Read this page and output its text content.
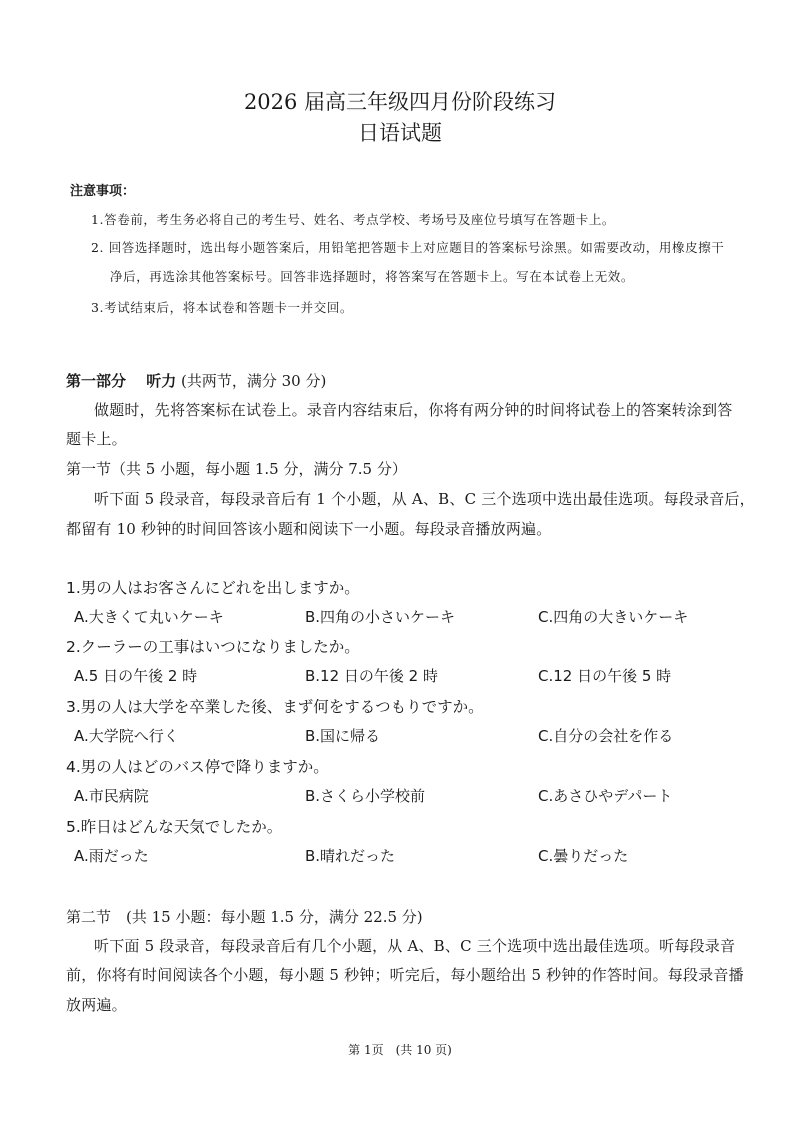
2026 届高三年级四月份阶段练习
日语试题
注意事项：
1.答卷前，考生务必将自己的考生号、姓名、考点学校、考场号及座位号填写在答题卡上。
2. 回答选择题时，选出每小题答案后，用铅笔把答题卡上对应题目的答案标号涂黑。如需要改动，用橡皮擦干
净后，再选涂其他答案标号。回答非选择题时，将答案写在答题卡上。写在本试卷上无效。
3.考试结束后，将本试卷和答题卡一并交回。
第一部分　 听力 (共两节，满分 30 分)
做题时，先将答案标在试卷上。录音内容结束后，你将有两分钟的时间将试卷上的答案转涂到答
题卡上。
第一节（共 5 小题，每小题 1.5 分，满分 7.5 分）
听下面 5 段录音，每段录音后有 1 个小题，从 A、B、C 三个选项中选出最佳选项。每段录音后，
都留有 10 秒钟的时间回答该小题和阅读下一小题。每段录音播放两遍。
1.男の人はお客さんにどれを出しますか。
A.大きくて丸いケーキ	B.四角の小さいケーキ	C.四角の大きいケーキ
2.クーラーの工事はいつになりましたか。
A.5 日の午後 2 時	B.12 日の午後 2 時	C.12 日の午後 5 時
3.男の人は大学を卒業した後、まず何をするつもりですか。
A.大学院へ行く	B.国に帰る	C.自分の会社を作る
4.男の人はどのバス停で降りますか。
A.市民病院	B.さくら小学校前	C.あさひやデパート
5.昨日はどんな天気でしたか。
A.雨だった	B.晴れだった	C.曇りだった
第二节　(共 15 小题：每小题 1.5 分，满分 22.5 分)
听下面 5 段录音，每段录音后有几个小题，从 A、B、C 三个选项中选出最佳选项。听每段录音
前，你将有时间阅读各个小题，每小题 5 秒钟；听完后，每小题给出 5 秒钟的作答时间。每段录音播
放两遍。
第 1页　(共 10 页)
